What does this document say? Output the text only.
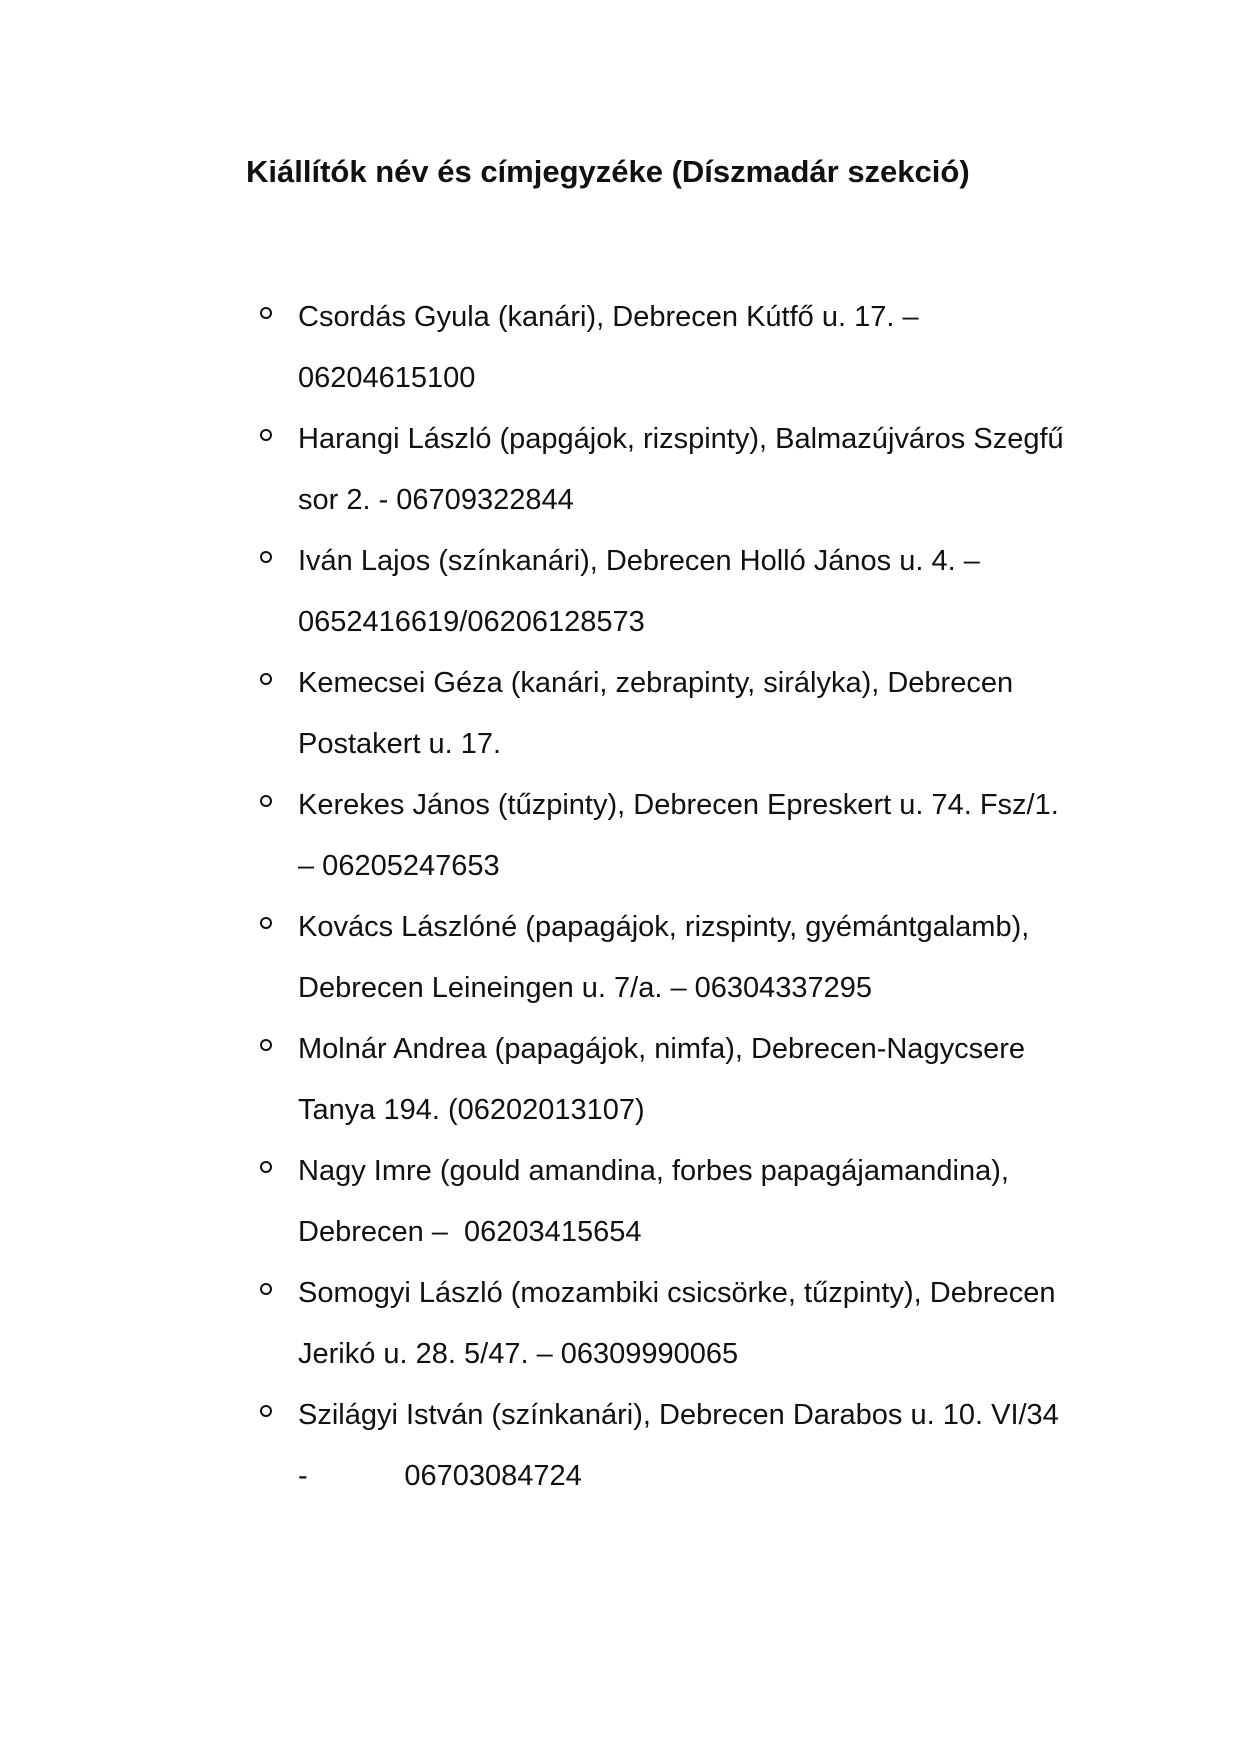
Kiállítók név és címjegyzéke (Díszmadár szekció)
Csordás Gyula (kanári), Debrecen Kútfő u. 17. –
06204615100
Harangi László (papgájok, rizspinty), Balmazújváros Szegfű
sor 2. - 06709322844
Iván Lajos (színkanári), Debrecen Holló János u. 4. –
0652416619/06206128573
Kemecsei Géza (kanári, zebrapinty, sirályka), Debrecen
Postakert u. 17.
Kerekes János (tűzpinty), Debrecen Epreskert u. 74. Fsz/1.
– 06205247653
Kovács Lászlóné (papagájok, rizspinty, gyémántgalamb),
Debrecen Leineingen u. 7/a. – 06304337295
Molnár Andrea (papagájok, nimfa), Debrecen-Nagycsere
Tanya 194. (06202013107)
Nagy Imre (gould amandina, forbes papagájamandina),
Debrecen –  06203415654
Somogyi László (mozambiki csicsörke, tűzpinty), Debrecen
Jerikó u. 28. 5/47. – 06309990065
Szilágyi István (színkanári), Debrecen Darabos u. 10. VI/34
-            06703084724
